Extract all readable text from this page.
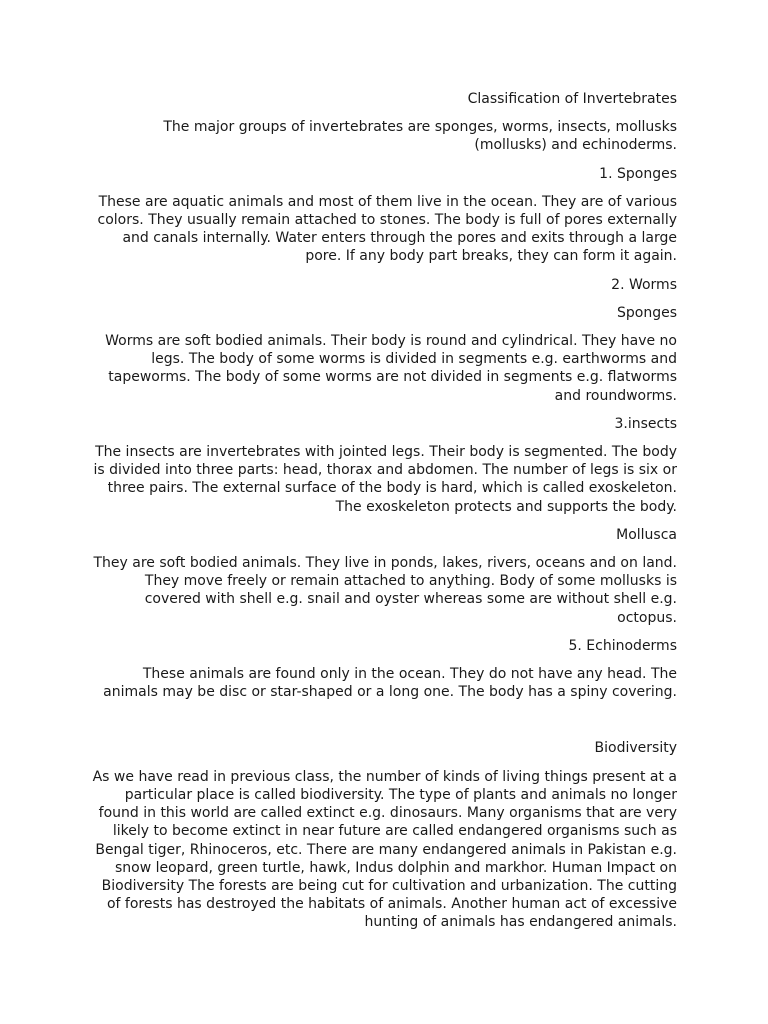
Classification of Invertebrates

The major groups of invertebrates are sponges, worms, insects, mollusks (mollusks) and echinoderms.

1. Sponges

These are aquatic animals and most of them live in the ocean. They are of various colors. They usually remain attached to stones. The body is full of pores externally and canals internally. Water enters through the pores and exits through a large pore. If any body part breaks, they can form it again.

2. Worms

Sponges

Worms are soft bodied animals. Their body is round and cylindrical. They have no legs. The body of some worms is divided in segments e.g. earthworms and tapeworms. The body of some worms are not divided in segments e.g. flatworms and roundworms.

3.insects

The insects are invertebrates with jointed legs. Their body is segmented. The body is divided into three parts: head, thorax and abdomen. The number of legs is six or three pairs. The external surface of the body is hard, which is called exoskeleton. The exoskeleton protects and supports the body.

Mollusca

They are soft bodied animals. They live in ponds, lakes, rivers, oceans and on land. They move freely or remain attached to anything. Body of some mollusks is covered with shell e.g. snail and oyster whereas some are without shell e.g. octopus.

5. Echinoderms

These animals are found only in the ocean. They do not have any head. The animals may be disc or star-shaped or a long one. The body has a spiny covering.

Biodiversity

As we have read in previous class, the number of kinds of living things present at a particular place is called biodiversity. The type of plants and animals no longer found in this world are called extinct e.g. dinosaurs. Many organisms that are very likely to become extinct in near future are called endangered organisms such as Bengal tiger, Rhinoceros, etc. There are many endangered animals in Pakistan e.g. snow leopard, green turtle, hawk, Indus dolphin and markhor. Human Impact on Biodiversity The forests are being cut for cultivation and urbanization. The cutting of forests has destroyed the habitats of animals. Another human act of excessive hunting of animals has endangered animals.
